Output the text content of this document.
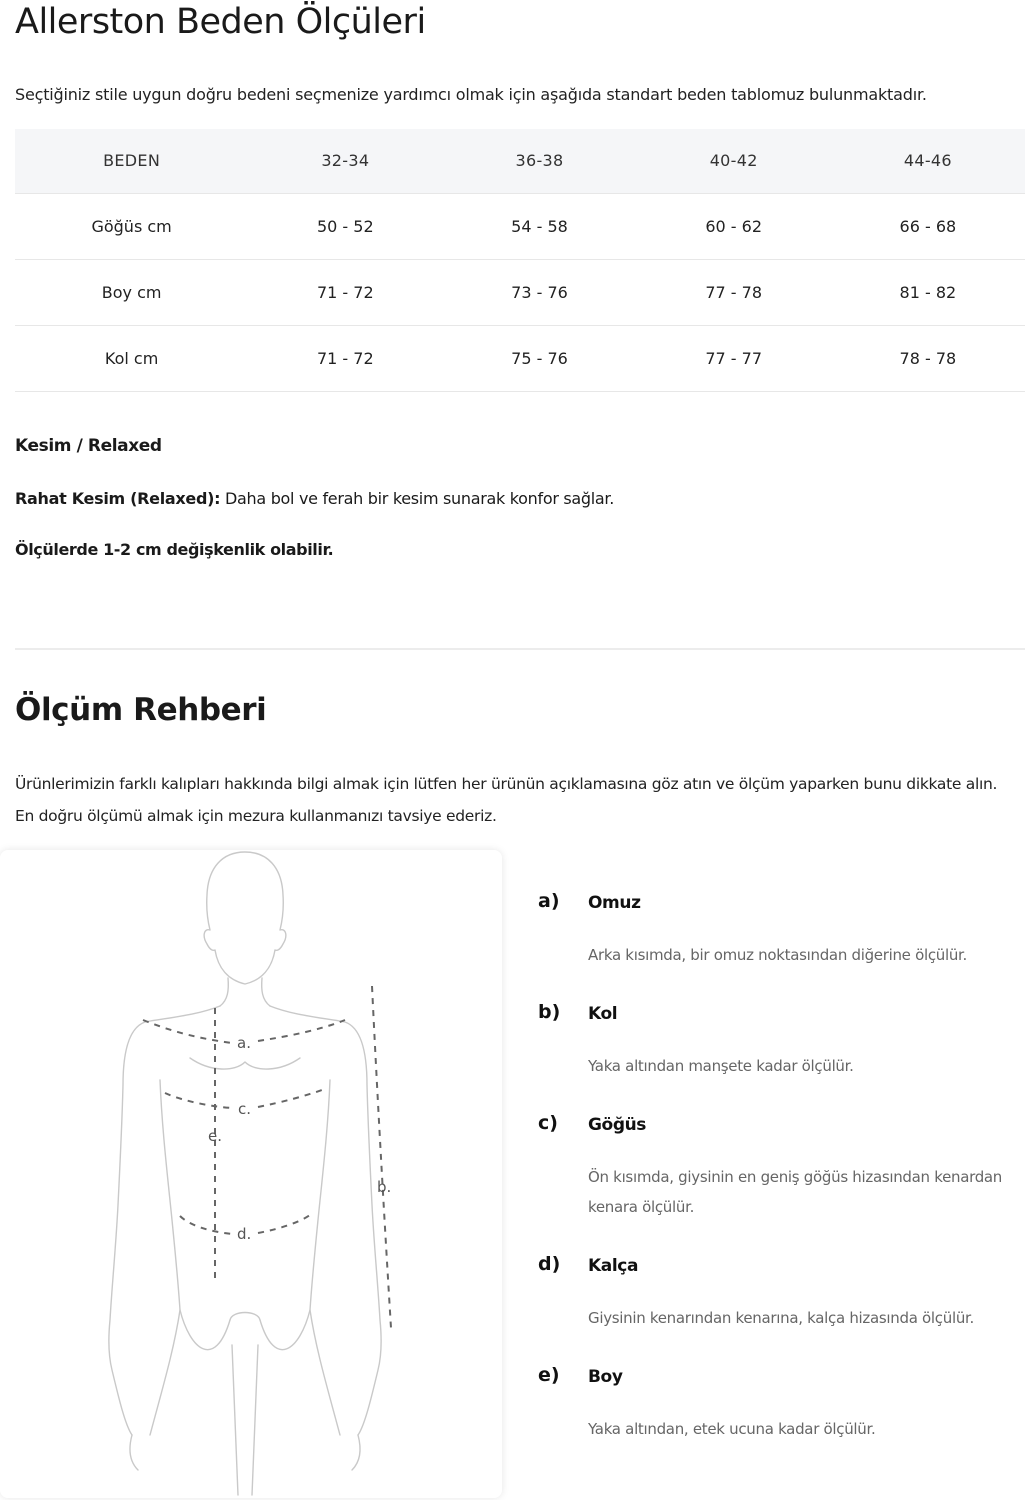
Allerston Beden Ölçüleri

Seçtiğiniz stile uygun doğru bedeni seçmenize yardımcı olmak için aşağıda standart beden tablomuz bulunmaktadır.

BEDEN	32-34	36-38	40-42	44-46
Göğüs cm	50 - 52	54 - 58	60 - 62	66 - 68
Boy cm	71 - 72	73 - 76	77 - 78	81 - 82
Kol cm	71 - 72	75 - 76	77 - 77	78 - 78

Kesim / Relaxed

Rahat Kesim (Relaxed): Daha bol ve ferah bir kesim sunarak konfor sağlar.

Ölçülerde 1-2 cm değişkenlik olabilir.

Ölçüm Rehberi
Ürünlerimizin farklı kalıpları hakkında bilgi almak için lütfen her ürünün açıklamasına göz atın ve ölçüm yaparken bunu dikkate alın.
En doğru ölçümü almak için mezura kullanmanızı tavsiye ederiz.
a.
c.
e.
b.
d.
a) Omuz

Arka kısımda, bir omuz noktasından diğerine ölçülür.

b) Kol

Yaka altından manşete kadar ölçülür.

c) Göğüs

Ön kısımda, giysinin en geniş göğüs hizasından kenardan kenara ölçülür.

d) Kalça

Giysinin kenarından kenarına, kalça hizasında ölçülür.

e) Boy

Yaka altından, etek ucuna kadar ölçülür.
